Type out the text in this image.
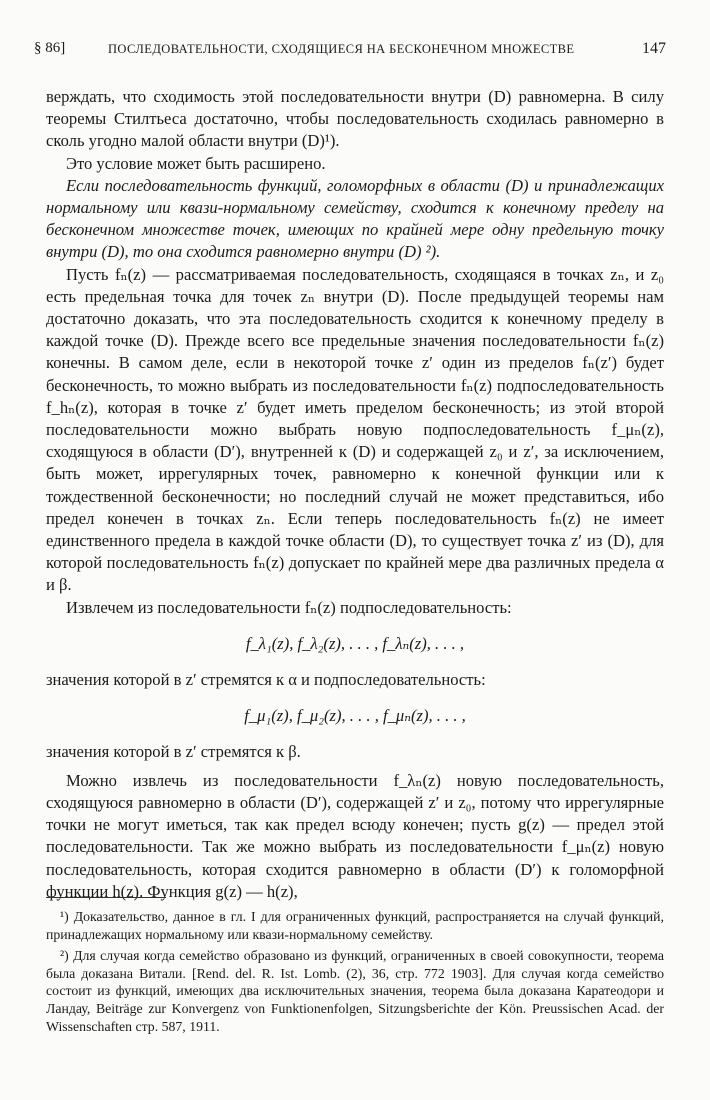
§ 86]	ПОСЛЕДОВАТЕЛЬНОСТИ, СХОДЯЩИЕСЯ НА БЕСКОНЕЧНОМ МНОЖЕСТВЕ	147

верждать, что сходимость этой последовательности внутри (D) равномерна. В силу теоремы Стилтьеса достаточно, чтобы последовательность сходилась равномерно в сколь угодно малой области внутри (D)¹).

Это условие может быть расширено.

Если последовательность функций, голоморфных в области (D) и принадлежащих нормальному или квази-нормальному семейству, сходится к конечному пределу на бесконечном множестве точек, имеющих по крайней мере одну предельную точку внутри (D), то она сходится равномерно внутри (D) ²).

Пусть fₙ(z) — рассматриваемая последовательность, сходящаяся в точках zₙ, и z₀ есть предельная точка для точек zₙ внутри (D). После предыдущей теоремы нам достаточно доказать, что эта последовательность сходится к конечному пределу в каждой точке (D). Прежде всего все предельные значения последовательности fₙ(z) конечны. В самом деле, если в некоторой точке z′ один из пределов fₙ(z′) будет бесконечность, то можно выбрать из последовательности fₙ(z) подпоследовательность f_hₙ(z), которая в точке z′ будет иметь пределом бесконечность; из этой второй последовательности можно выбрать новую подпоследовательность f_μₙ(z), сходящуюся в области (D′), внутренней к (D) и содержащей z₀ и z′, за исключением, быть может, иррегулярных точек, равномерно к конечной функции или к тождественной бесконечности; но последний случай не может представиться, ибо предел конечен в точках zₙ. Если теперь последовательность fₙ(z) не имеет единственного предела в каждой точке области (D), то существует точка z′ из (D), для которой последовательность fₙ(z) допускает по крайней мере два различных предела α и β.

Извлечем из последовательности fₙ(z) подпоследовательность:

f_λ₁(z), f_λ₂(z), . . . , f_λₙ(z), . . . ,

значения которой в z′ стремятся к α и подпоследовательность:

f_μ₁(z), f_μ₂(z), . . . , f_μₙ(z), . . . ,

значения которой в z′ стремятся к β.

Можно извлечь из последовательности f_λₙ(z) новую последовательность, сходящуюся равномерно в области (D′), содержащей z′ и z₀, потому что иррегулярные точки не могут иметься, так как предел всюду конечен; пусть g(z) — предел этой последовательности. Так же можно выбрать из последовательности f_μₙ(z) новую последовательность, которая сходится равномерно в области (D′) к голоморфной функции h(z). Функция g(z) — h(z),

¹) Доказательство, данное в гл. I для ограниченных функций, распространяется на случай функций, принадлежащих нормальному или квази-нормальному семейству.

²) Для случая когда семейство образовано из функций, ограниченных в своей совокупности, теорема была доказана Витали. [Rend. del. R. Ist. Lomb. (2), 36, стр. 772 1903]. Для случая когда семейство состоит из функций, имеющих два исключительных значения, теорема была доказана Каратеодори и Ландау, Beiträge zur Konvergenz von Funktionenfolgen, Sitzungsberichte der Kön. Preussischen Acad. der Wissenschaften стр. 587, 1911.
